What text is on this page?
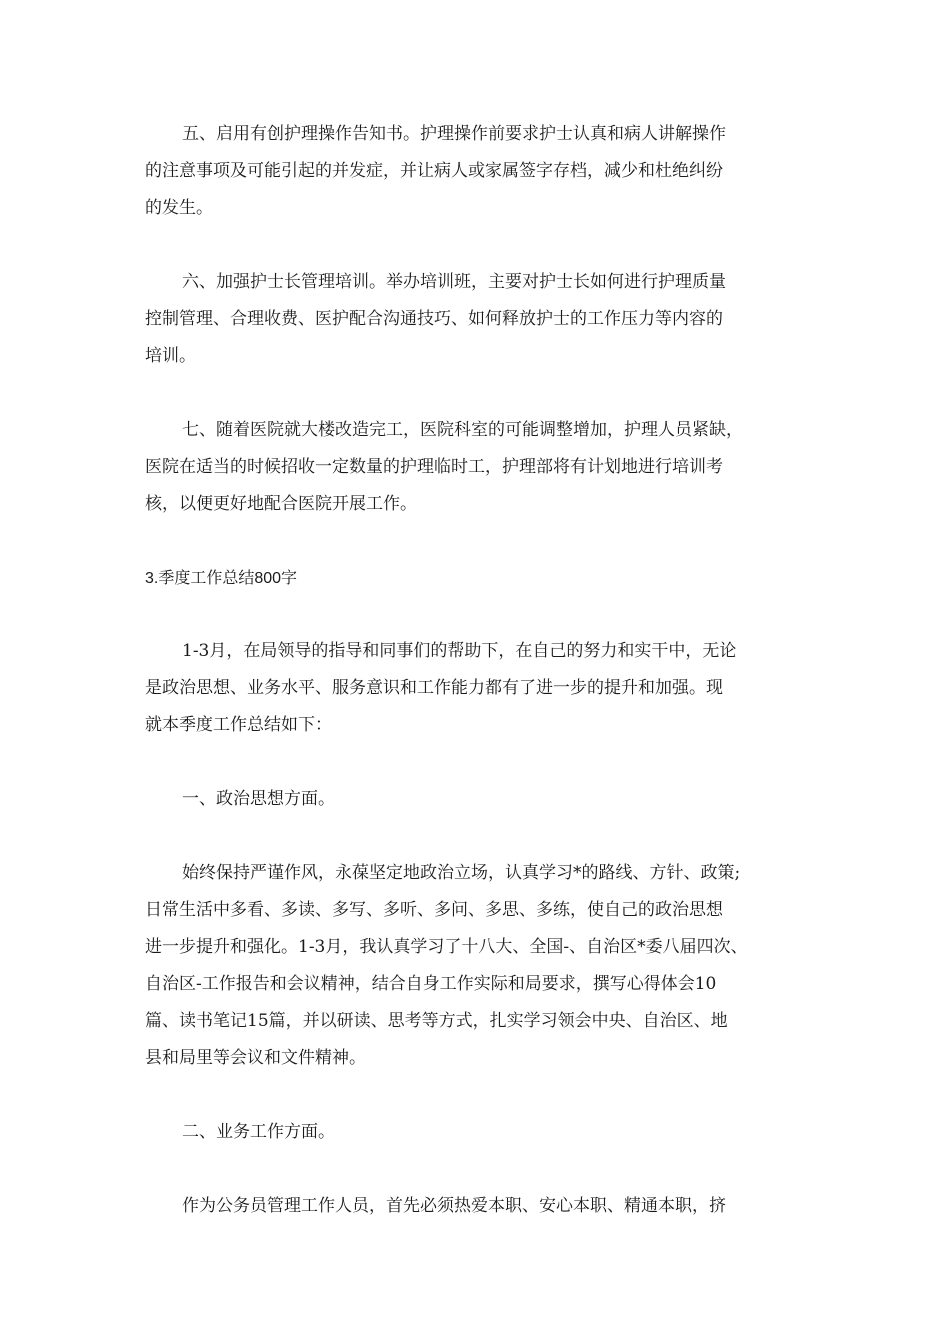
五、启用有创护理操作告知书。护理操作前要求护士认真和病人讲解操作
的注意事项及可能引起的并发症，并让病人或家属签字存档，减少和杜绝纠纷
的发生。

六、加强护士长管理培训。举办培训班，主要对护士长如何进行护理质量
控制管理、合理收费、医护配合沟通技巧、如何释放护士的工作压力等内容的
培训。

七、随着医院就大楼改造完工，医院科室的可能调整增加，护理人员紧缺，
医院在适当的时候招收一定数量的护理临时工，护理部将有计划地进行培训考
核，以便更好地配合医院开展工作。

3.季度工作总结800字

1-3月，在局领导的指导和同事们的帮助下，在自己的努力和实干中，无论
是政治思想、业务水平、服务意识和工作能力都有了进一步的提升和加强。现
就本季度工作总结如下：

一、政治思想方面。

始终保持严谨作风，永葆坚定地政治立场，认真学习*的路线、方针、政策;
日常生活中多看、多读、多写、多听、多问、多思、多练，使自己的政治思想
进一步提升和强化。1-3月，我认真学习了十八大、全国-、自治区*委八届四次、
自治区-工作报告和会议精神，结合自身工作实际和局要求，撰写心得体会10
篇、读书笔记15篇，并以研读、思考等方式，扎实学习领会中央、自治区、地
县和局里等会议和文件精神。

二、业务工作方面。

作为公务员管理工作人员，首先必须热爱本职、安心本职、精通本职，挤
